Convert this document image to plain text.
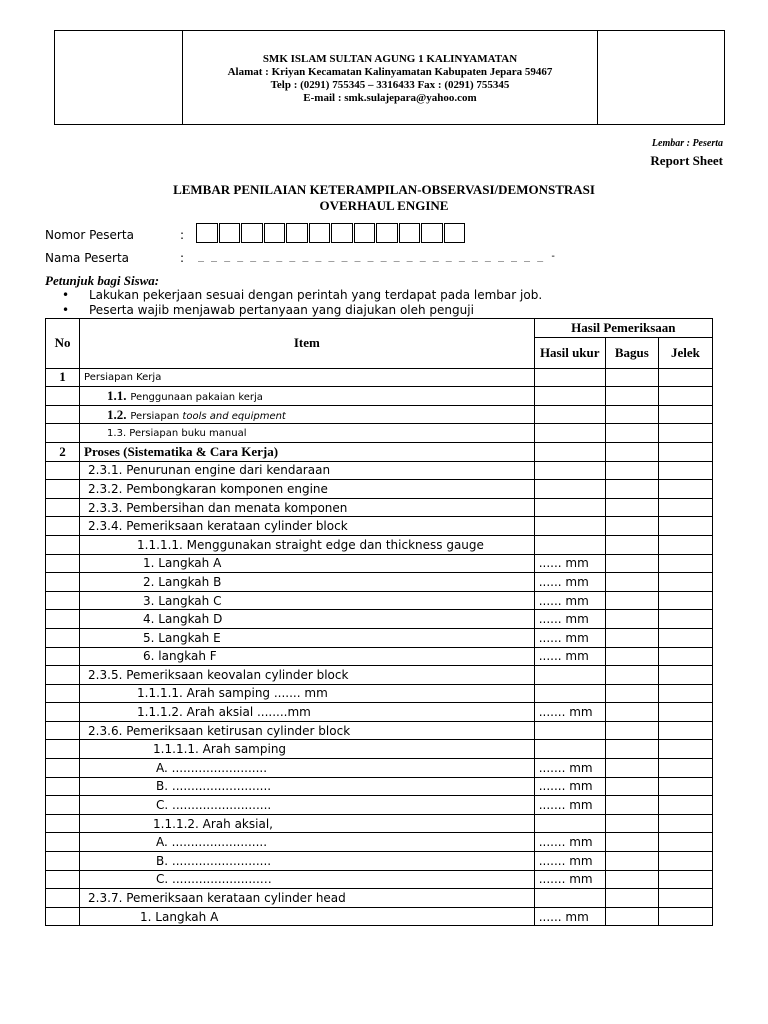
SMK ISLAM SULTAN AGUNG 1 KALINYAMATAN
Alamat : Kriyan Kecamatan Kalinyamatan Kabupaten Jepara 59467
Telp : (0291) 755345 – 3316433 Fax : (0291) 755345
E-mail : smk.sulajepara@yahoo.com
Lembar : Peserta
Report Sheet
LEMBAR PENILAIAN KETERAMPILAN-OBSERVASI/DEMONSTRASI
OVERHAUL ENGINE
Nomor Peserta	:
Nama Peserta	: _ _ _ _ _ _ _ _ _ _ _ _ _ _ _ _ _ _ _ _ _ _ _ _ _ _ _ -
Petunjuk bagi Siswa:
• Lakukan pekerjaan sesuai dengan perintah yang terdapat pada lembar job.
• Peserta wajib menjawab pertanyaan yang diajukan oleh penguji
No	Item	Hasil Pemeriksaan		
		Hasil ukur	Bagus	Jelek
1	Persiapan Kerja			
	1.1. Penggunaan pakaian kerja			
	1.2. Persiapan tools and equipment			
	1.3. Persiapan buku manual			
2	Proses (Sistematika & Cara Kerja)			
	2.3.1. Penurunan engine dari kendaraan			
	2.3.2. Pembongkaran komponen engine			
	2.3.3. Pembersihan dan menata komponen			
	2.3.4. Pemeriksaan kerataan cylinder block			
	1.1.1.1. Menggunakan straight edge dan thickness gauge			
	1. Langkah A	...... mm		
	2. Langkah B	...... mm		
	3. Langkah C	...... mm		
	4. Langkah D	...... mm		
	5. Langkah E	...... mm		
	6. langkah F	...... mm		
	2.3.5. Pemeriksaan keovalan cylinder block			
	1.1.1.1. Arah samping ....... mm			
	1.1.1.2. Arah aksial ........mm	....... mm		
	2.3.6. Pemeriksaan ketirusan cylinder block			
	1.1.1.1. Arah samping			
	A. .........................	....... mm		
	B. ..........................	....... mm		
	C. ..........................	....... mm		
	1.1.1.2. Arah aksial,			
	A. .........................	....... mm		
	B. ..........................	....... mm		
	C. .......................…	....... mm		
	2.3.7. Pemeriksaan kerataan cylinder head			
	1. Langkah A	...... mm		
